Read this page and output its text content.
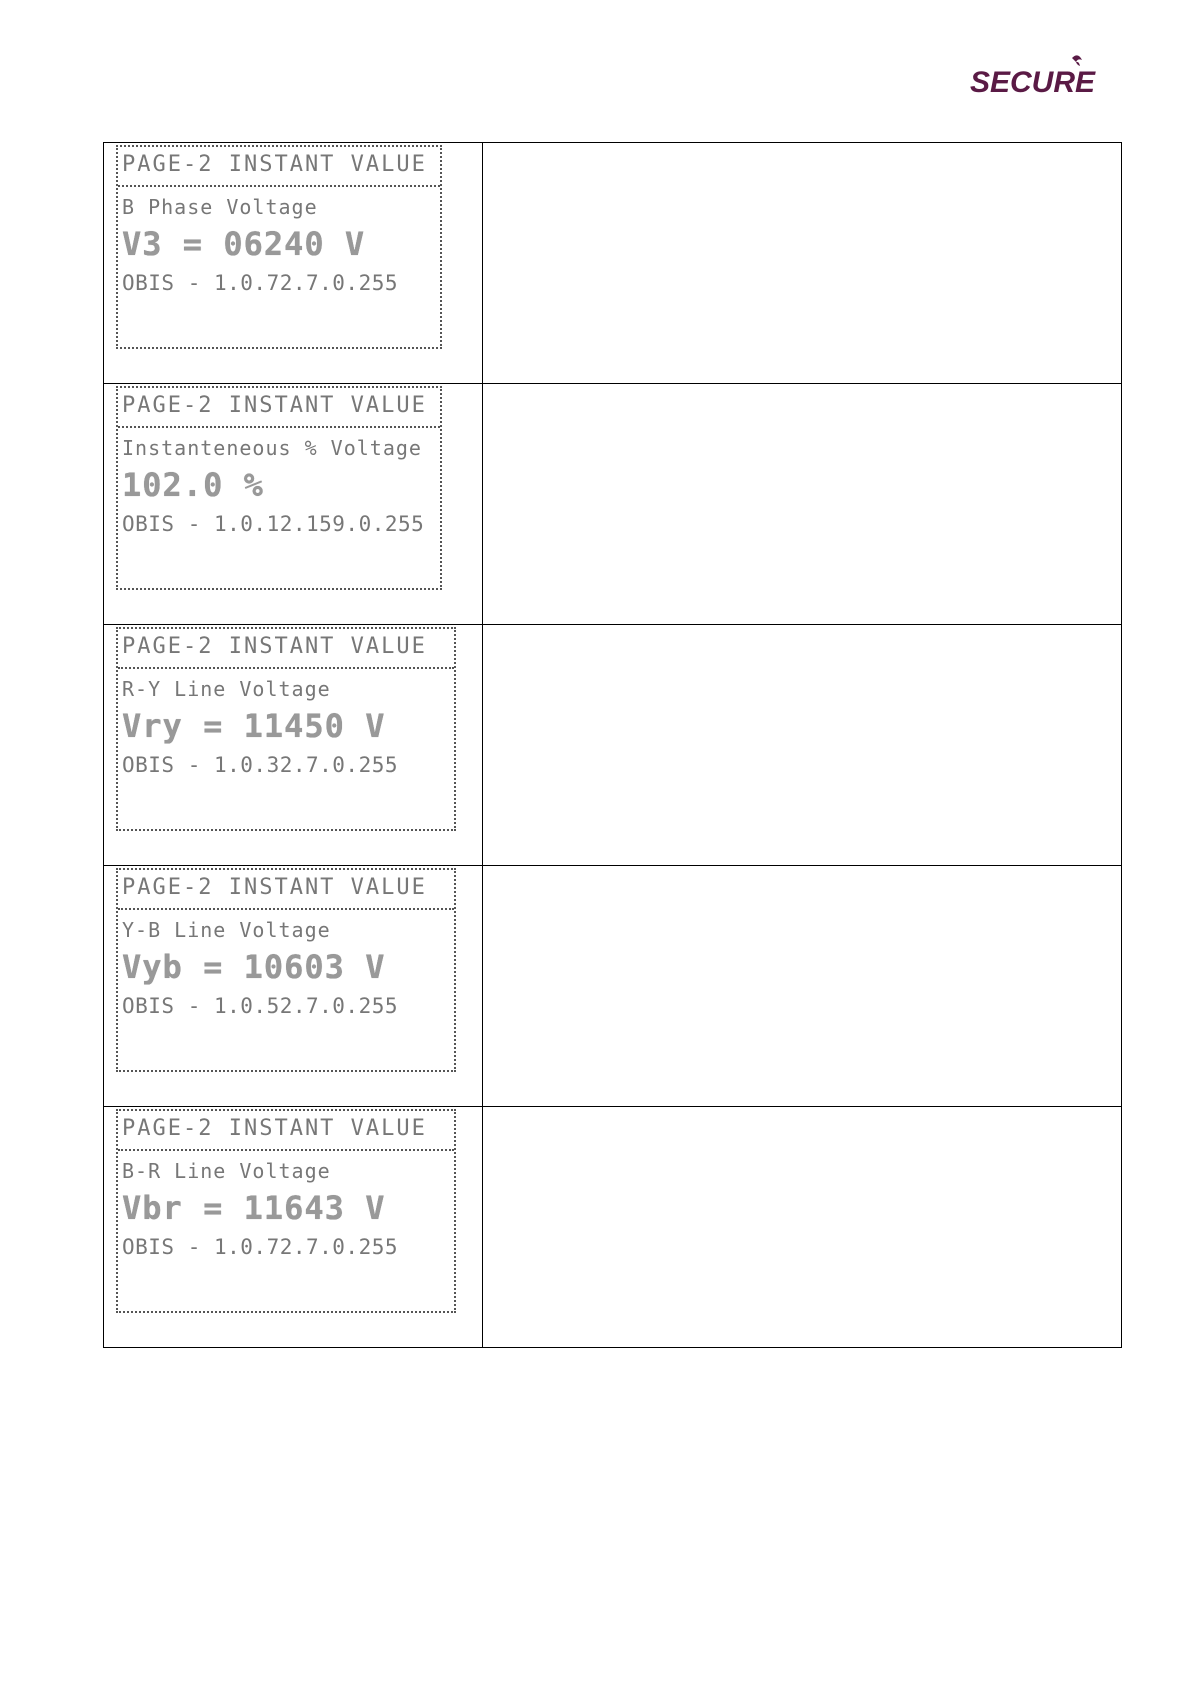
SECURE
PAGE-2 INSTANT VALUE
B Phase Voltage
V3 = 06240 V
OBIS - 1.0.72.7.0.255	

PAGE-2 INSTANT VALUE
Instanteneous % Voltage
102.0 %
OBIS - 1.0.12.159.0.255	

PAGE-2 INSTANT VALUE
R-Y Line Voltage
Vry = 11450 V
OBIS - 1.0.32.7.0.255	

PAGE-2 INSTANT VALUE
Y-B Line Voltage
Vyb = 10603 V
OBIS - 1.0.52.7.0.255	

PAGE-2 INSTANT VALUE
B-R Line Voltage
Vbr = 11643 V
OBIS - 1.0.72.7.0.255	
